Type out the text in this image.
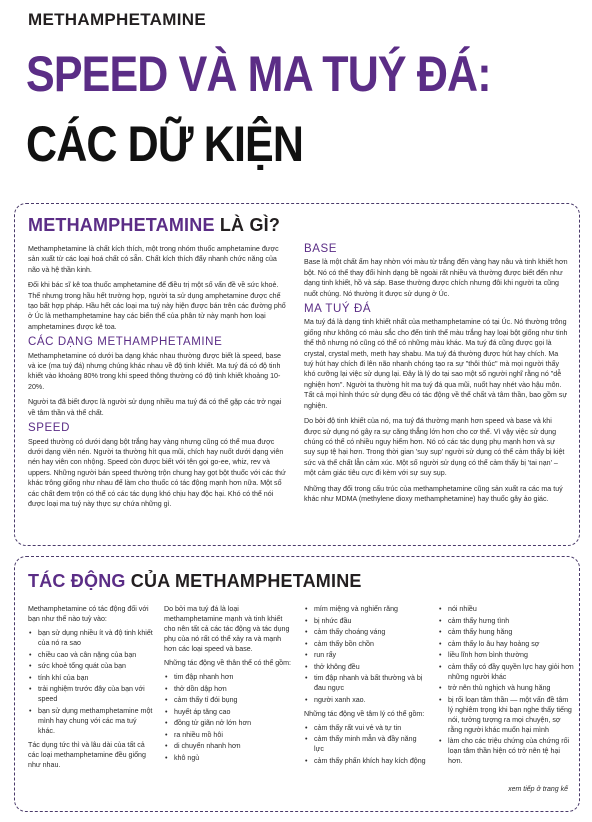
METHAMPHETAMINE
SPEED VÀ MA TUÝ ĐÁ:
CÁC DỮ KIỆN
METHAMPHETAMINE LÀ GÌ?

Methamphetamine là chất kích thích, một trong nhóm thuốc amphetamine được sản xuất từ các loại hoá chất có sẵn. Chất kích thích đẩy nhanh chức năng của não và hệ thần kinh.

Đối khi bác sĩ kê toa thuốc amphetamine để điều trị một số vấn đề về sức khoẻ. Thế nhưng trong hầu hết trường hợp, người ta sử dụng amphetamine được chế tạo bất hợp pháp. Hầu hết các loại ma tuý này hiện được bán trên các đường phố ở Úc là methamphetamine hay các biến thể của phân tử này mạnh hơn loại amphetamines được kê toa.

CÁC DẠNG METHAMPHETAMINE

Methamphetamine có dưới ba dạng khác nhau thường được biết là speed, base và ice (ma tuý đá) nhưng chúng khác nhau về độ tinh khiết. Ma tuý đá có độ tinh khiết vào khoảng 80% trong khi speed thông thường có độ tinh khiết khoảng 10-20%.

Người ta đã biết được là người sử dụng nhiều ma tuý đá có thể gặp các trở ngại về tâm thần và thể chất.

SPEED

Speed thường có dưới dạng bột trắng hay vàng nhưng cũng có thể mua được dưới dạng viên nén. Người ta thường hít qua mũi, chích hay nuốt dưới dạng viên nén hay viên con nhộng. Speed còn được biết với tên gọi go-ee, whiz, rev và uppers. Những người bán speed thường trộn chung hay gọt bột thuốc với các thứ khác trông giống như nhau để làm cho thuốc có tác động mạnh hơn nữa. Một số các chất đem trộn có thể có các tác dụng khó chịu hay độc hại. Khó có thể nói được loại ma tuý này thực sự chứa những gì.

BASE

Base là một chất ẩm hay nhờn với màu từ trắng đến vàng hay nâu và tinh khiết hơn bột. Nó có thể thay đổi hình dạng bề ngoài rất nhiều và thường được biết đến như dạng tinh khiết, hồ và sáp. Base thường được chích nhưng đôi khi người ta cũng nuốt chúng. Nó thường ít được sử dụng ở Úc.

MA TUÝ ĐÁ

Ma tuý đá là dạng tinh khiết nhất của methamphetamine có tại Úc. Nó thường trông giống như không có màu sắc cho đến tinh thể màu trắng hay loại bột giống như tinh thể thô nhưng nó cũng có thể có những màu khác. Ma tuý đá cũng được gọi là crystal, crystal meth, meth hay shabu. Ma tuý đá thường được hút hay chích. Ma tuý hút hay chích đi lên não nhanh chóng tạo ra sự "thôi thúc" mà mọi người thấy khó cưỡng lại việc sử dụng lại. Đây là lý do tại sao một số người nghĩ rằng nó "dễ nghiện hơn". Người ta thường hít ma tuý đá qua mũi, nuốt hay nhét vào hậu môn. Tất cả mọi hình thức sử dụng đều có tác động về thể chất và tâm thần, bao gồm sự nghiện.

Do bởi độ tinh khiết của nó, ma tuý đá thường mạnh hơn speed và base và khi được sử dụng nó gây ra sự căng thẳng lớn hơn cho cơ thể. Vì vậy việc sử dụng chúng có thể có nhiều nguy hiểm hơn. Nó có các tác dụng phụ mạnh hơn và sự suy sụp tệ hại hơn. Trong thời gian 'suy sụp' người sử dụng có thể cảm thấy bị kiệt sức và thể chất lẫn cảm xúc. Một số người sử dụng có thể cảm thấy bị 'tai nạn' – một cảm giác tiêu cực đi kèm với sự suy sụp.

Những thay đổi trong cấu trúc của methamphetamine cũng sản xuất ra các ma tuý khác như MDMA (methylene dioxy methamphetamine) hay thuốc gây ảo giác.

TÁC ĐỘNG CỦA METHAMPHETAMINE

Methamphetamine có tác động đối với bạn như thế nào tuỳ vào:

• bạn sử dụng nhiều ít và độ tinh khiết của nó ra sao
• chiều cao và cân nặng của bạn
• sức khoẻ tổng quát của bạn
• tính khí của bạn
• trải nghiệm trước đây của bạn với speed
• bạn sử dụng methamphetamine một mình hay chung với các ma tuý khác.

Tác dụng tức thì và lâu dài của tất cả các loại methamphetamine đều giống như nhau.

Do bởi ma tuý đá là loại methamphetamine mạnh và tinh khiết cho nên tất cả các tác động và tác dụng phụ của nó rất có thể xảy ra và mạnh hơn các loại speed và base.

Những tác động về thân thể có thể gồm:

• tim đập nhanh hơn
• thở dồn dập hơn
• cảm thấy tỉ đói bụng
• huyết áp tăng cao
• đồng tử giãn nở lớn hơn
• ra nhiều mồ hôi
• di chuyển nhanh hơn
• khô ngủ
• mím miệng và nghiến răng
• bị nhức đầu
• cảm thấy choáng váng
• cảm thấy bồn chồn
• run rẩy
• thở không đều
• tim đập nhanh và bất thường và bị đau ngực
• người xanh xao.

Những tác động về tâm lý có thể gồm:

• cảm thấy rất vui vẻ và tự tin
• cảm thấy minh mẫn và đầy năng lực
• cảm thấy phấn khích hay kích động
• nói nhiều
• cảm thấy hưng tình
• cảm thấy hung hăng
• cảm thấy lo âu hay hoảng sợ
• liều lĩnh hơn bình thường
• cảm thấy có đầy quyền lực hay giỏi hơn những người khác
• trở nên thù nghịch và hung hăng
• bị rối loạn tâm thần — một vấn đề tâm lý nghiêm trọng khi bạn nghe thấy tiếng nói, tưởng tượng ra mọi chuyện, sợ rằng người khác muốn hại mình
• làm cho các triệu chứng của chứng rối loạn tâm thần hiện có trở nên tệ hại hơn.
xem tiếp ở trang kế
